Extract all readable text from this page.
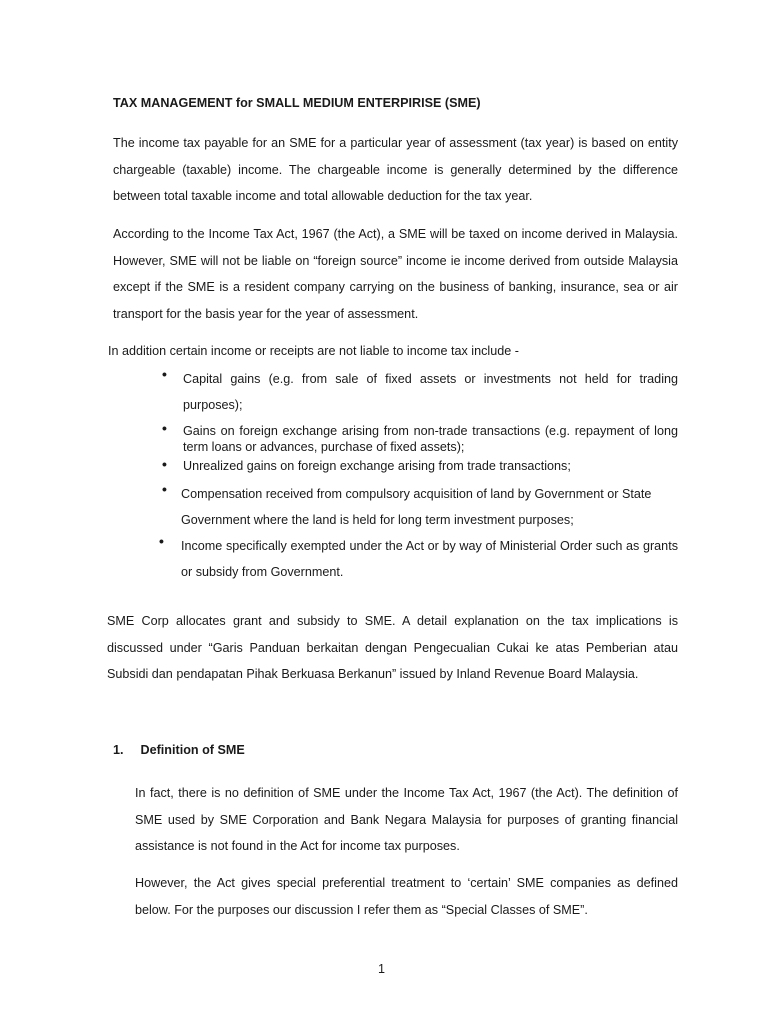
TAX MANAGEMENT for SMALL MEDIUM ENTERPIRISE (SME)

The income tax payable for an SME for a particular year of assessment (tax year) is based on entity chargeable (taxable) income. The chargeable income is generally determined by the difference between total taxable income and total allowable deduction for the tax year.

According to the Income Tax Act, 1967 (the Act), a SME will be taxed on income derived in Malaysia. However, SME will not be liable on “foreign source” income ie income derived from outside Malaysia except if the SME is a resident company carrying on the business of banking, insurance, sea or air transport for the basis year for the year of assessment.

In addition certain income or receipts are not liable to income tax include -
• Capital gains (e.g. from sale of fixed assets or investments not held for trading purposes);
• Gains on foreign exchange arising from non-trade transactions (e.g. repayment of long term loans or advances, purchase of fixed assets);
• Unrealized gains on foreign exchange arising from trade transactions;
• Compensation received from compulsory acquisition of land by Government or State Government where the land is held for long term investment purposes;
• Income specifically exempted under the Act or by way of Ministerial Order such as grants or subsidy from Government.

SME Corp allocates grant and subsidy to SME. A detail explanation on the tax implications is discussed under “Garis Panduan berkaitan dengan Pengecualian Cukai ke atas Pemberian atau Subsidi dan pendapatan Pihak Berkuasa Berkanun” issued by Inland Revenue Board Malaysia.

1. Definition of SME

In fact, there is no definition of SME under the Income Tax Act, 1967 (the Act). The definition of SME used by SME Corporation and Bank Negara Malaysia for purposes of granting financial assistance is not found in the Act for income tax purposes.

However, the Act gives special preferential treatment to ‘certain’ SME companies as defined below. For the purposes our discussion I refer them as “Special Classes of SME”.

1
